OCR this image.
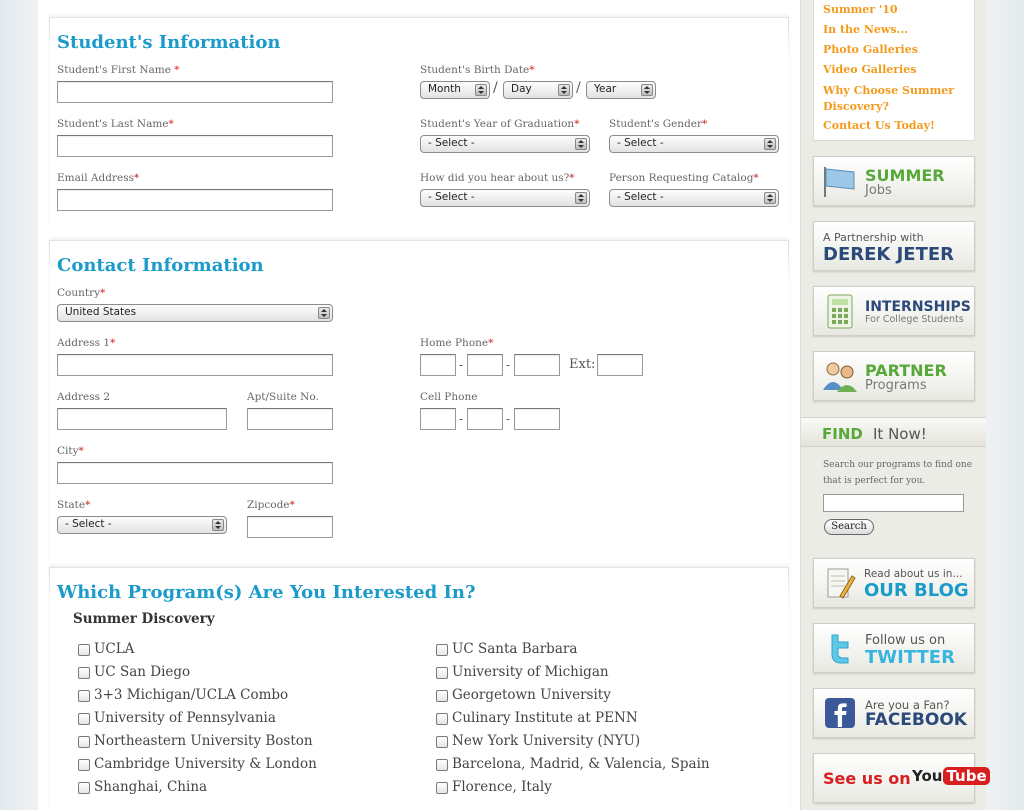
Student's Information
Student's First Name *
Student's Last Name*
Email Address*
Student's Birth Date*
Month	/	Day	/	Year
Student's Year of Graduation*
- Select -
Student's Gender*
- Select -
How did you hear about us?*
- Select -
Person Requesting Catalog*
- Select -
Contact Information
Country*
United States
Address 1*
Address 2	Apt/Suite No.
City*
State*
- Select -
Zipcode*
Home Phone*
-	-	Ext:
Cell Phone
-	-
Which Program(s) Are You Interested In?
Summer Discovery
UCLA
UC San Diego
3+3 Michigan/UCLA Combo
University of Pennsylvania
Northeastern University Boston
Cambridge University & London
Shanghai, China
UC Santa Barbara
University of Michigan
Georgetown University
Culinary Institute at PENN
New York University (NYU)
Barcelona, Madrid, & Valencia, Spain
Florence, Italy
Summer '10
In the News...
Photo Galleries
Video Galleries
Why Choose Summer Discovery?
Contact Us Today!
SUMMER
Jobs
A Partnership with
DEREK JETER
INTERNSHIPS
For College Students
PARTNER
Programs
FIND It Now!
Search our programs to find one that is perfect for you.
Search
Read about us in...
OUR BLOG
Follow us on
TWITTER
Are you a Fan?
FACEBOOK
See us on You Tube
